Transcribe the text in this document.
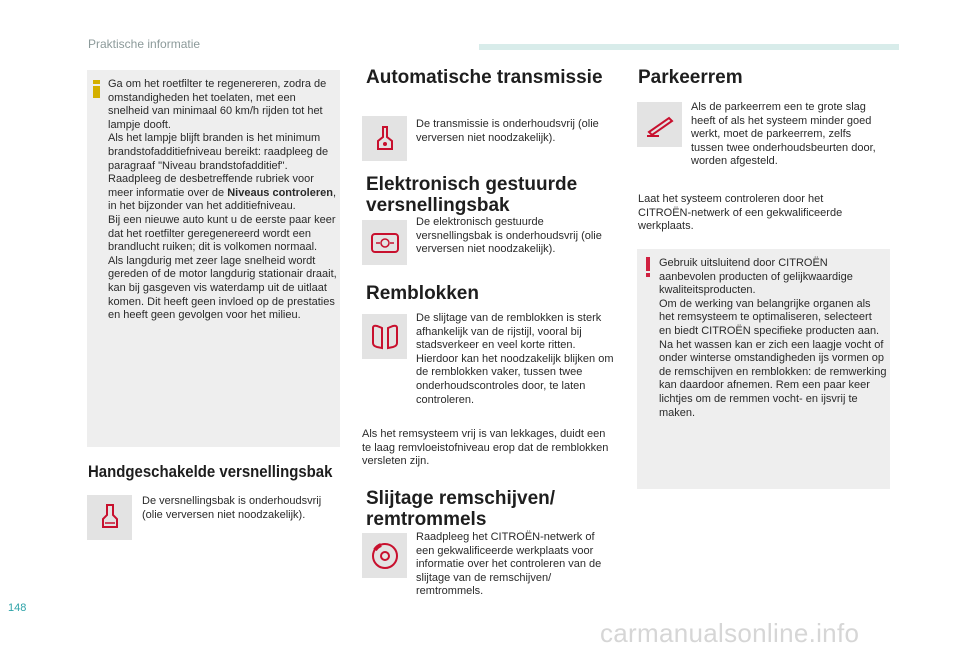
Praktische informatie
Ga om het roetfilter te regenereren, zodra de omstandigheden het toelaten, met een snelheid van minimaal 60 km/h rijden tot het lampje dooft.
Als het lampje blijft branden is het minimum brandstofadditiefniveau bereikt: raadpleeg de paragraaf "Niveau brandstofadditief".
Raadpleeg de desbetreffende rubriek voor meer informatie over de Niveaus controleren, in het bijzonder van het additiefniveau.
Bij een nieuwe auto kunt u de eerste paar keer dat het roetfilter geregenereerd wordt een brandlucht ruiken; dit is volkomen normaal.
Als langdurig met zeer lage snelheid wordt gereden of de motor langdurig stationair draait, kan bij gasgeven vis waterdamp uit de uitlaat komen. Dit heeft geen invloed op de prestaties en heeft geen gevolgen voor het milieu.
Handgeschakelde versnellingsbak
De versnellingsbak is onderhoudsvrij (olie verversen niet noodzakelijk).
Automatische transmissie
De transmissie is onderhoudsvrij (olie verversen niet noodzakelijk).
Elektronisch gestuurde versnellingsbak
De elektronisch gestuurde versnellingsbak is onderhoudsvrij (olie verversen niet noodzakelijk).
Remblokken
De slijtage van de remblokken is sterk afhankelijk van de rijstijl, vooral bij stadsverkeer en veel korte ritten. Hierdoor kan het noodzakelijk blijken om de remblokken vaker, tussen twee onderhoudscontroles door, te laten controleren.
Als het remsysteem vrij is van lekkages, duidt een te laag remvloeistofniveau erop dat de remblokken versleten zijn.
Slijtage remschijven/ remtrommels
Raadpleeg het CITROËN-netwerk of een gekwalificeerde werkplaats voor informatie over het controleren van de slijtage van de remschijven/ remtrommels.
Parkeerrem
Als de parkeerrem een te grote slag heeft of als het systeem minder goed werkt, moet de parkeerrem, zelfs tussen twee onderhoudsbeurten door, worden afgesteld.
Laat het systeem controleren door het CITROËN-netwerk of een gekwalificeerde werkplaats.
Gebruik uitsluitend door CITROËN aanbevolen producten of gelijkwaardige kwaliteitsproducten.
Om de werking van belangrijke organen als het remsysteem te optimaliseren, selecteert en biedt CITROËN specifieke producten aan.
Na het wassen kan er zich een laagje vocht of onder winterse omstandigheden ijs vormen op de remschijven en remblokken: de remwerking kan daardoor afnemen. Rem een paar keer lichtjes om de remmen vocht- en ijsvrij te maken.
148
carmanualsonline.info
